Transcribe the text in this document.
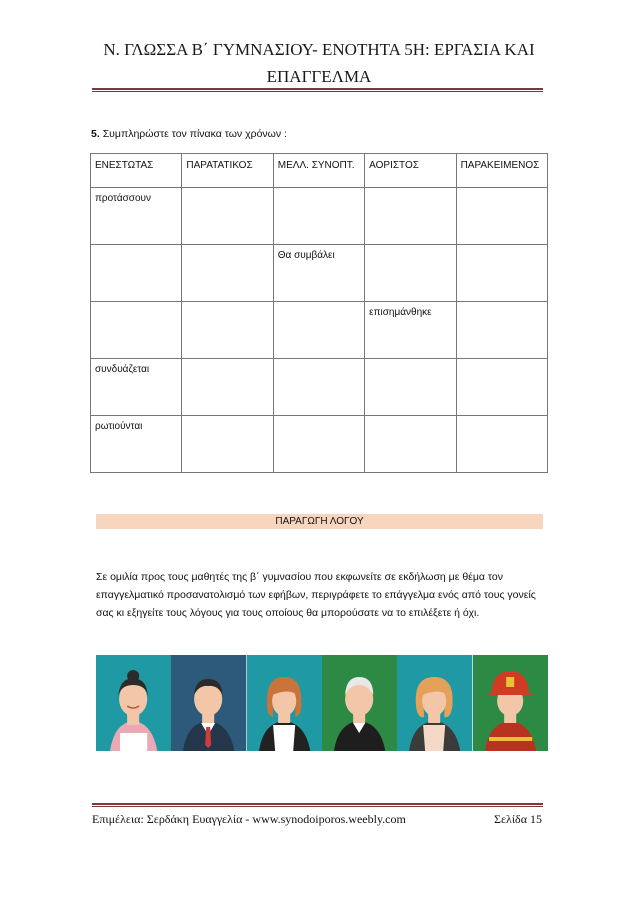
Ν. ΓΛΩΣΣΑ Β΄ ΓΥΜΝΑΣΙΟΥ- ΕΝΟΤΗΤΑ 5Η: ΕΡΓΑΣΙΑ ΚΑΙ
ΕΠΑΓΓΕΛΜΑ
5. Συμπληρώστε τον πίνακα των χρόνων :
ΕΝΕΣΤΩΤΑΣ	ΠΑΡΑΤΑΤΙΚΟΣ	ΜΕΛΛ. ΣΥΝΟΠΤ.	ΑΟΡΙΣΤΟΣ	ΠΑΡΑΚΕΙΜΕΝΟΣ
προτάσσουν				
		Θα συμβάλει		
			επισημάνθηκε	
συνδυάζεται				
ρωτιούνται				
ΠΑΡΑΓΩΓΗ ΛΟΓΟΥ
Σε ομιλία προς τους μαθητές της β΄ γυμνασίου που εκφωνείτε σε εκδήλωση με θέμα τον επαγγελματικό προσανατολισμό των εφήβων, περιγράφετε το επάγγελμα ενός από τους γονείς σας κι εξηγείτε τους λόγους για τους οποίους θα μπορούσατε να το επιλέξετε ή όχι.
Επιμέλεια: Σερδάκη Ευαγγελία - www.synodoiporos.weebly.com	Σελίδα 15
